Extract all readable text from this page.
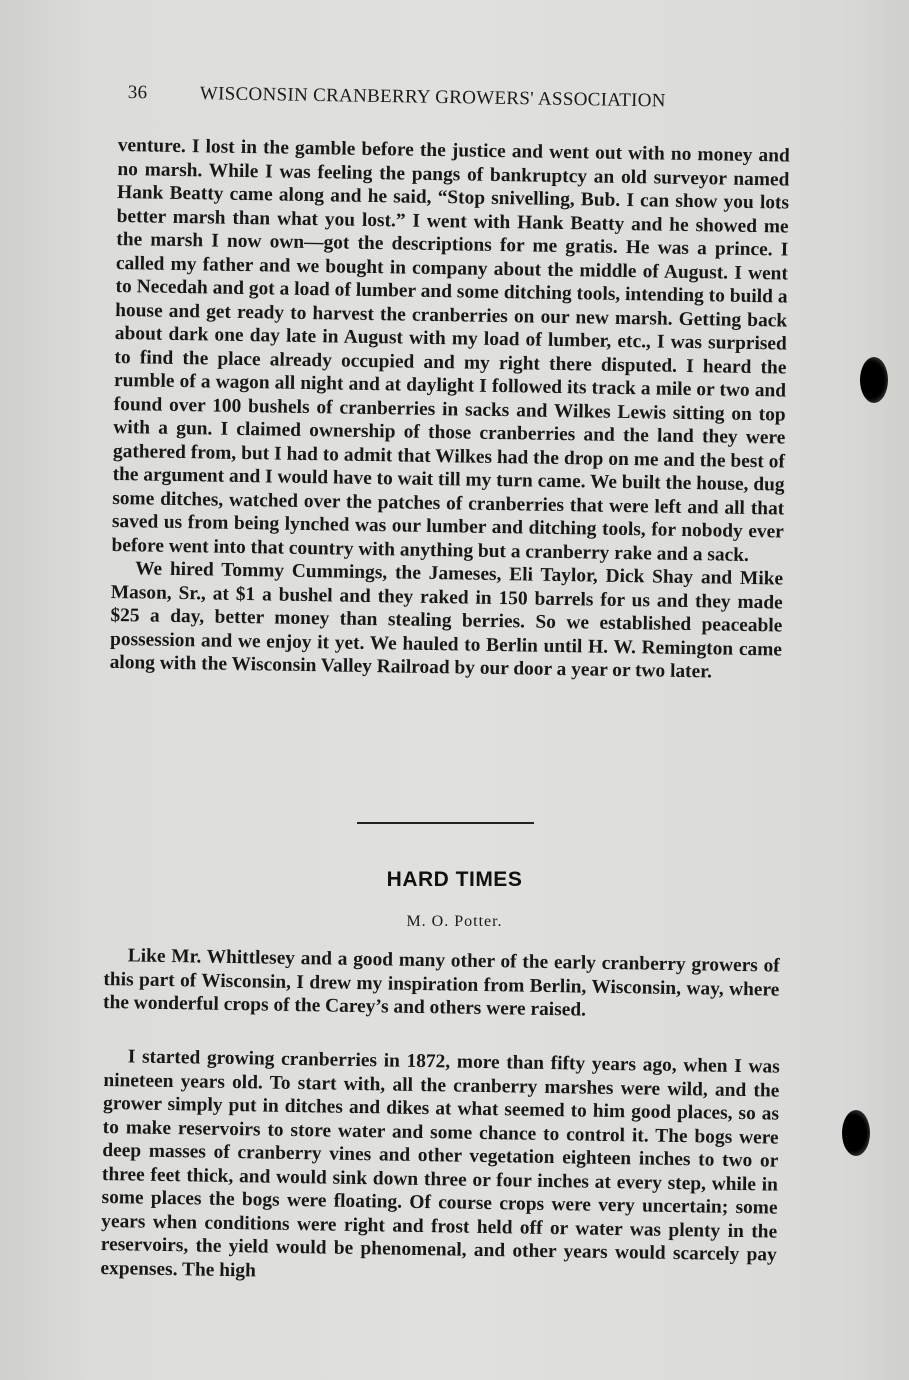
36	WISCONSIN CRANBERRY GROWERS' ASSOCIATION

venture. I lost in the gamble before the justice and went out with no money and no marsh. While I was feeling the pangs of bankruptcy an old surveyor named Hank Beatty came along and he said, “Stop snivelling, Bub. I can show you lots better marsh than what you lost.” I went with Hank Beatty and he showed me the marsh I now own—got the descriptions for me gratis. He was a prince. I called my father and we bought in company about the middle of August. I went to Necedah and got a load of lumber and some ditching tools, intending to build a house and get ready to harvest the cranberries on our new marsh. Getting back about dark one day late in August with my load of lumber, etc., I was surprised to find the place already occupied and my right there disputed. I heard the rumble of a wagon all night and at daylight I followed its track a mile or two and found over 100 bushels of cranberries in sacks and Wilkes Lewis sitting on top with a gun. I claimed ownership of those cranberries and the land they were gathered from, but I had to admit that Wilkes had the drop on me and the best of the argument and I would have to wait till my turn came. We built the house, dug some ditches, watched over the patches of cranberries that were left and all that saved us from being lynched was our lumber and ditching tools, for nobody ever before went into that country with anything but a cranberry rake and a sack.

We hired Tommy Cummings, the Jameses, Eli Taylor, Dick Shay and Mike Mason, Sr., at $1 a bushel and they raked in 150 barrels for us and they made $25 a day, better money than stealing berries. So we established peaceable possession and we enjoy it yet. We hauled to Berlin until H. W. Remington came along with the Wisconsin Valley Railroad by our door a year or two later.

HARD TIMES
M. O. Potter.
Like Mr. Whittlesey and a good many other of the early cranberry growers of this part of Wisconsin, I drew my inspiration from Berlin, Wisconsin, way, where the wonderful crops of the Carey’s and others were raised.
I started growing cranberries in 1872, more than fifty years ago, when I was nineteen years old. To start with, all the cranberry marshes were wild, and the grower simply put in ditches and dikes at what seemed to him good places, so as to make reservoirs to store water and some chance to control it. The bogs were deep masses of cranberry vines and other vegetation eighteen inches to two or three feet thick, and would sink down three or four inches at every step, while in some places the bogs were floating. Of course crops were very uncertain; some years when conditions were right and frost held off or water was plenty in the reservoirs, the yield would be phenomenal, and other years would scarcely pay expenses. The high
